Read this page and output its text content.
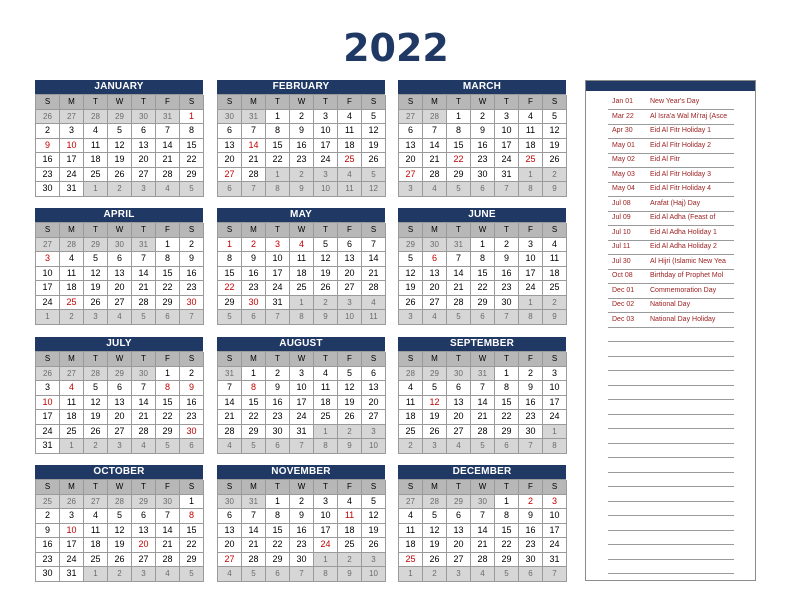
2022
JANUARY
S	M	T	W	T	F	S
26	27	28	29	30	31	1
2	3	4	5	6	7	8
9	10	11	12	13	14	15
16	17	18	19	20	21	22
23	24	25	26	27	28	29
30	31	1	2	3	4	5
FEBRUARY
S	M	T	W	T	F	S
30	31	1	2	3	4	5
6	7	8	9	10	11	12
13	14	15	16	17	18	19
20	21	22	23	24	25	26
27	28	1	2	3	4	5
6	7	8	9	10	11	12
MARCH
S	M	T	W	T	F	S
27	28	1	2	3	4	5
6	7	8	9	10	11	12
13	14	15	16	17	18	19
20	21	22	23	24	25	26
27	28	29	30	31	1	2
3	4	5	6	7	8	9
APRIL
S	M	T	W	T	F	S
27	28	29	30	31	1	2
3	4	5	6	7	8	9
10	11	12	13	14	15	16
17	18	19	20	21	22	23
24	25	26	27	28	29	30
1	2	3	4	5	6	7
MAY
S	M	T	W	T	F	S
1	2	3	4	5	6	7
8	9	10	11	12	13	14
15	16	17	18	19	20	21
22	23	24	25	26	27	28
29	30	31	1	2	3	4
5	6	7	8	9	10	11
JUNE
S	M	T	W	T	F	S
29	30	31	1	2	3	4
5	6	7	8	9	10	11
12	13	14	15	16	17	18
19	20	21	22	23	24	25
26	27	28	29	30	1	2
3	4	5	6	7	8	9
JULY
S	M	T	W	T	F	S
26	27	28	29	30	1	2
3	4	5	6	7	8	9
10	11	12	13	14	15	16
17	18	19	20	21	22	23
24	25	26	27	28	29	30
31	1	2	3	4	5	6
AUGUST
S	M	T	W	T	F	S
31	1	2	3	4	5	6
7	8	9	10	11	12	13
14	15	16	17	18	19	20
21	22	23	24	25	26	27
28	29	30	31	1	2	3
4	5	6	7	8	9	10
SEPTEMBER
S	M	T	W	T	F	S
28	29	30	31	1	2	3
4	5	6	7	8	9	10
11	12	13	14	15	16	17
18	19	20	21	22	23	24
25	26	27	28	29	30	1
2	3	4	5	6	7	8
OCTOBER
S	M	T	W	T	F	S
25	26	27	28	29	30	1
2	3	4	5	6	7	8
9	10	11	12	13	14	15
16	17	18	19	20	21	22
23	24	25	26	27	28	29
30	31	1	2	3	4	5
NOVEMBER
S	M	T	W	T	F	S
30	31	1	2	3	4	5
6	7	8	9	10	11	12
13	14	15	16	17	18	19
20	21	22	23	24	25	26
27	28	29	30	1	2	3
4	5	6	7	8	9	10
DECEMBER
S	M	T	W	T	F	S
27	28	29	30	1	2	3
4	5	6	7	8	9	10
11	12	13	14	15	16	17
18	19	20	21	22	23	24
25	26	27	28	29	30	31
1	2	3	4	5	6	7
Jan 01 New Year's Day
Mar 22 Al Isra'a Wal Mi'raj (Asce
Apr 30 Eid Al Fitr Holiday 1
May 01 Eid Al Fitr Holiday 2
May 02 Eid Al Fitr
May 03 Eid Al Fitr Holiday 3
May 04 Eid Al Fitr Holiday 4
Jul 08	Arafat (Haj) Day
Jul 09	Eid Al Adha (Feast of
Jul 10	Eid Al Adha Holiday 1
Jul 11	Eid Al Adha Holiday 2
Jul 30	Al Hijri (Islamic New Yea
Oct 08 Birthday of Prophet Mol
Dec 01 Commemoration Day
Dec 02 National Day
Dec 03 National Day Holiday
